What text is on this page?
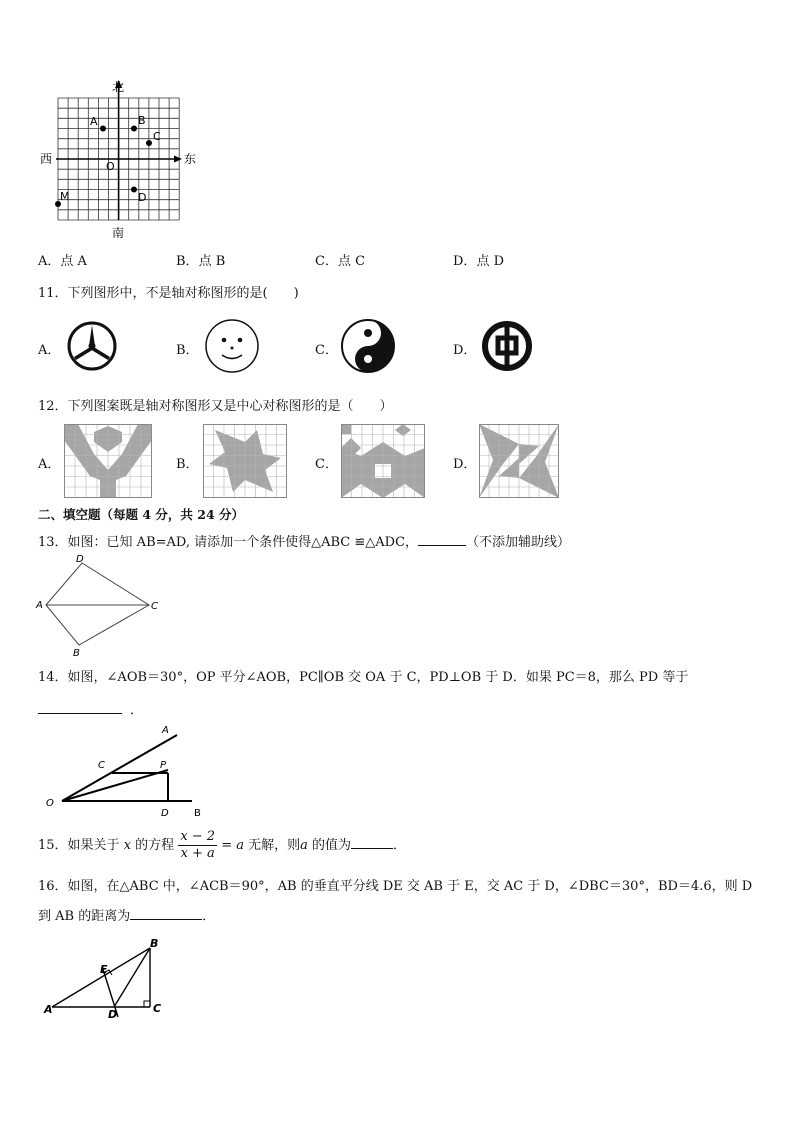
北
南
西	东
A	B
C
D
M
O
A．点 A	B．点 B	C．点 C	D．点 D
11．下列图形中，不是轴对称图形的是(　　)
A．	B．	C．	D．
12．下列图案既是轴对称图形又是中心对称图形的是（　　）
A．	B．	C．	D．
二、填空题（每题 4 分，共 24 分）
13．如图：已知 AB=AD, 请添加一个条件使得△ABC ≌△ADC，	（不添加辅助线）
D
A	C
B
14．如图，∠AOB＝30°，OP 平分∠AOB，PC∥OB 交 OA 于 C，PD⊥OB 于 D．如果 PC＝8，那么 PD 等于
．
A
C	P
O
D	B
15．如果关于 x 的方程 $\frac{x - 2}{x + a} = a$ 无解，则a 的值为	．
16．如图，在△ABC 中，∠ACB＝90°，AB 的垂直平分线 DE 交 AB 于 E，交 AC 于 D，∠DBC＝30°，BD＝4.6，则 D
到 AB 的距离为	．
B
E
A	D	C
